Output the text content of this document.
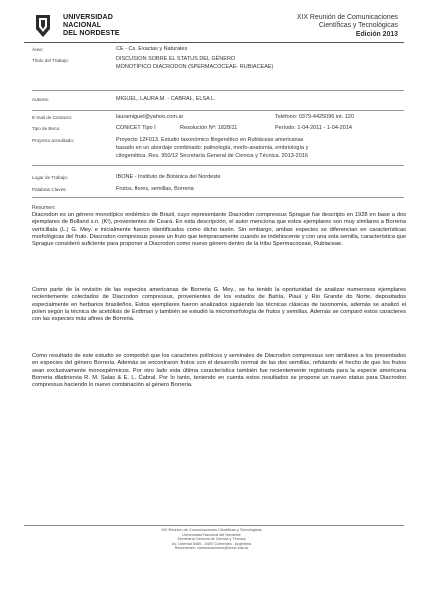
UNIVERSIDAD
NACIONAL
DEL NORDESTE
XIX Reunión de Comunicaciones
Científicas y Tecnológicas
Edición 2013
Área:	CE - Cs. Exactas y Naturales
Título del Trabajo:	DISCUSION SOBRE EL STATUS DEL GÉNERO
MONOTÍPICO DIACRODON (SPERMACOCEAE- RUBIACEAE)
Autores:	MIGUEL, LAURA M. - CABRAL, ELSA L.
E-mail de Contacto:	lauramiguel@yahoo.com.ar	Teléfono: 0379-4425096 int. 120
Tipo de Beca:	CONICET Tipo I	Resolución Nº: 1828/11	Período: 1-04-2011 - 1-04-2014
Proyecto acreditado:	Proyecto 12F013. Estudio taxonómico filogenético en Rubiáceas americanas
basado en un abordaje combinado: palinología, morfo-anatomía, embriología y
citogenética. Res. 950/12 Secretaría General de Ciencia y Técnica. 2013-2016
Lugar de Trabajo:	IBONE - Instituto de Botánica del Nordeste
Palabras Claves:	Frutos, flores, semillas, Borreria
Resumen:

Diacrodon es un género monotípico endémico de Brasil, cuyo representante Diacrodon compressus Sprague fue descripto en 1928 en base a dos ejemplares de Bolland s.n. (K!), provenientes de Ceará. En esta descripción, el autor menciona que estos ejemplares son muy similares a Borreria verticillata (L.) G. Mey. e inicialmente fueron identificados como dicho taxón. Sin embargo, ambas especies se diferencian en características morfológicas del fruto. Diacrodon compressus posee un fruto que tempranamente cuando se indehiscente y con una sola semilla, característica que Sprague consideró suficiente para proponer a Diacrodon como nuevo género dentro de la tribu Spermacoceae, Rubiaceae.

Como parte de la revisión de las especies americanas de Borreria G. Mey., se ha tenido la oportunidad de analizar numerosos ejemplares recientemente colectados de Diacrodon compressus, provenientes de los estados de Bahía, Piauí y Rio Grande do Norte, depositados especialmente en herbarios brasileños. Estos ejemplares fueron analizados siguiendo las técnicas clásicas de taxonomía, además se analizó el polen según la técnica de acetólisis de Erdtman y también se estudió la micromorfología de frutos y semillas. Además se comparó estos caracteres con las especies más afines de Borreria.

Como resultado de este estudio se comprobó que los caracteres polínicos y seminales de Diacrodon compressus son similares a los presentados en especies del género Borreria. Además se encontraron frutos con el desarrollo normal de las dos semillas, refutando el hecho de que los frutos sean exclusivamente monospérmicos. Por otro lado esta última característica también fue recientemente registrada para la especie americana Borreria dilatinervia R. M. Salas & E. L. Cabral. Por lo tanto, teniendo en cuenta estos resultados se propone un nuevo status para Diacrodon compressus haciendo lo nuevo combinación al género Borreria.

XIX Reunión de Comunicaciones Científicas y Tecnológicas
Universidad Nacional del Nordeste
Secretaría General de Ciencia y Técnica
Av. Libertad 5460 - 3400 Corrientes - Argentina
Resúmenes: comunicaciones@unne.edu.ar
